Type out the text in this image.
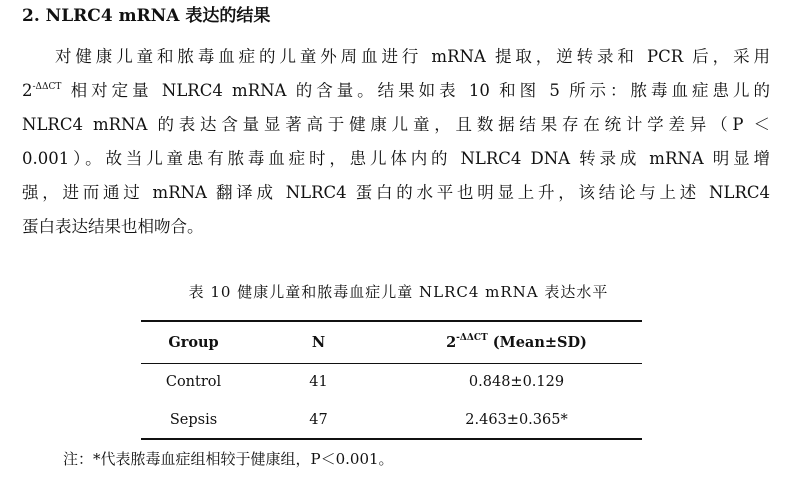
2. NLRC4 mRNA 表达的结果
对健康儿童和脓毒血症的儿童外周血进行 mRNA 提取，逆转录和 PCR 后，采用
$2^{-\Delta\Delta CT}$ 相对定量 NLRC4 mRNA 的含量。结果如表 10 和图 5 所示：脓毒血症患儿的
NLRC4 mRNA 的表达含量显著高于健康儿童，且数据结果存在统计学差异（P ＜
0.001）。故当儿童患有脓毒血症时，患儿体内的 NLRC4 DNA 转录成 mRNA 明显增
强，进而通过 mRNA 翻译成 NLRC4 蛋白的水平也明显上升，该结论与上述 NLRC4
蛋白表达结果也相吻合。
表 10 健康儿童和脓毒血症儿童 NLRC4 mRNA 表达水平
Group	N	$2^{-\Delta\Delta CT}$ (Mean±SD)
Control	41	0.848±0.129
Sepsis	47	2.463±0.365*
注：*代表脓毒血症组相较于健康组，P＜0.001。
